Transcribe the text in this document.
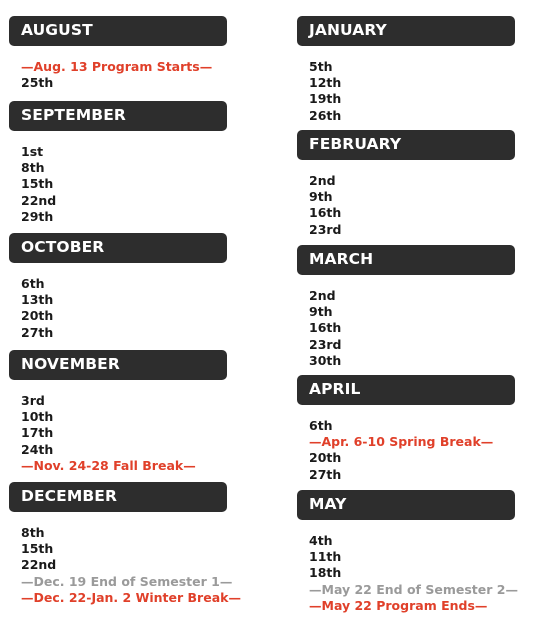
AUGUST
—Aug. 13 Program Starts—
25th
SEPTEMBER
1st
8th
15th
22nd
29th
OCTOBER
6th
13th
20th
27th
NOVEMBER
3rd
10th
17th
24th
—Nov. 24-28 Fall Break—
DECEMBER
8th
15th
22nd
—Dec. 19 End of Semester 1—
—Dec. 22-Jan. 2 Winter Break—
JANUARY
5th
12th
19th
26th
FEBRUARY
2nd
9th
16th
23rd
MARCH
2nd
9th
16th
23rd
30th
APRIL
6th
—Apr. 6-10 Spring Break—
20th
27th
MAY
4th
11th
18th
—May 22 End of Semester 2—
—May 22 Program Ends—
